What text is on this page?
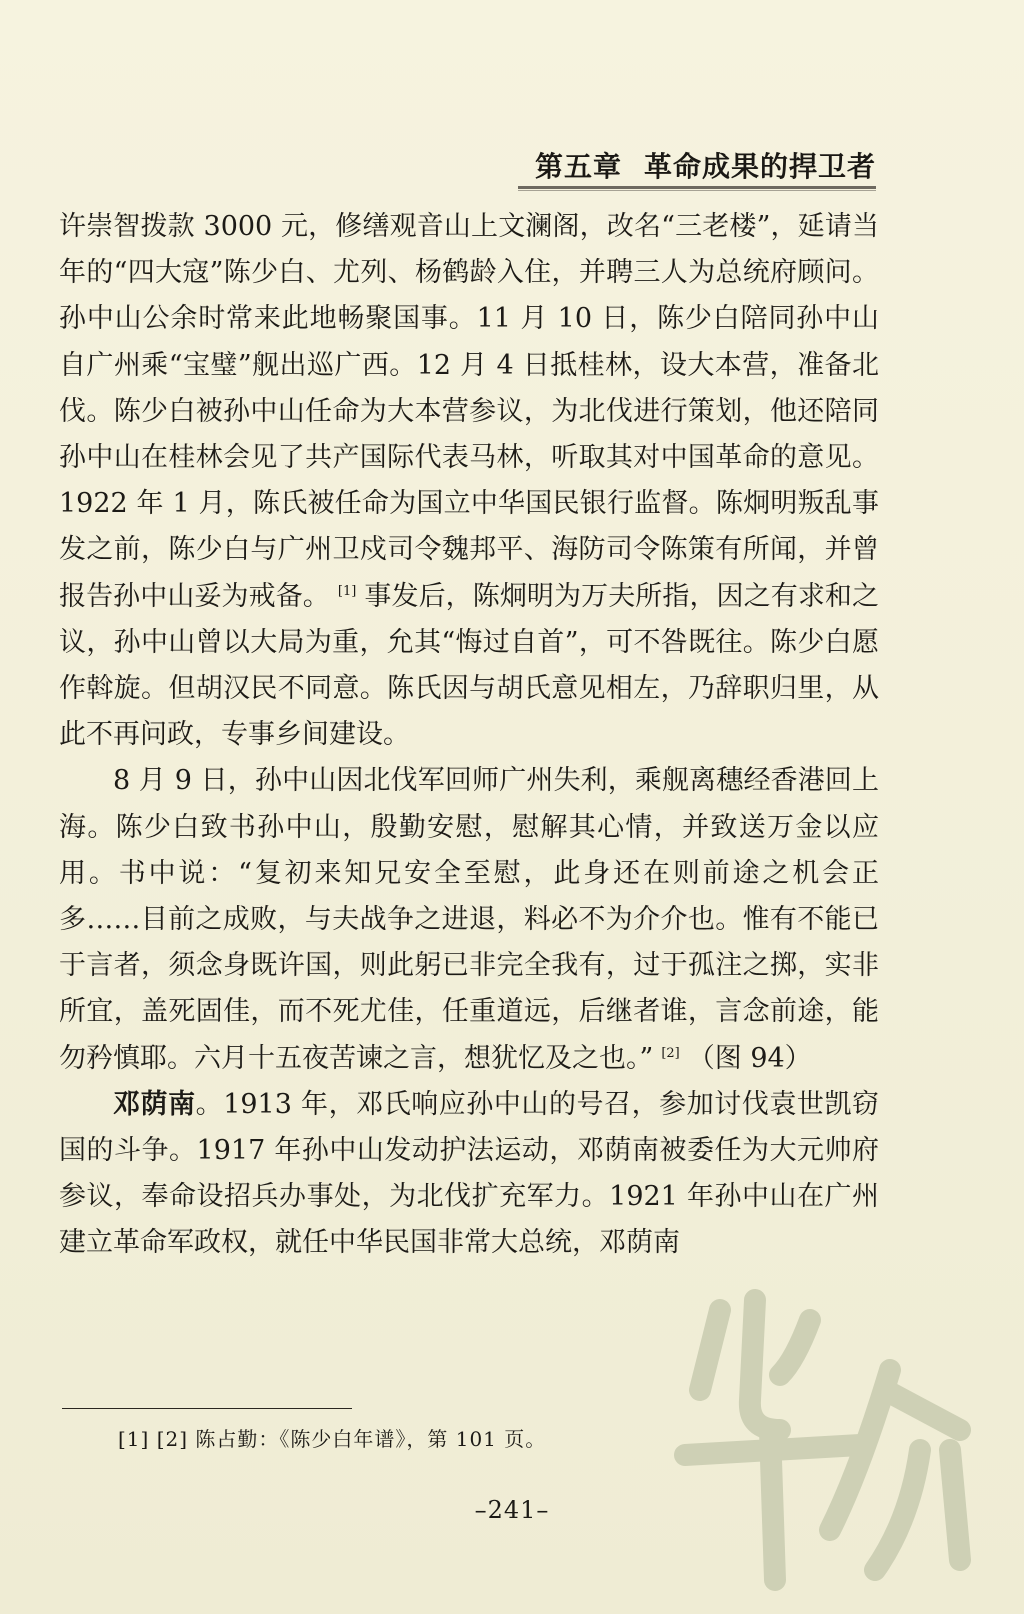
第五章 革命成果的捍卫者

许崇智拨款 3000 元，修缮观音山上文澜阁，改名“三老楼”，延请当年的“四大寇”陈少白、尤列、杨鹤龄入住，并聘三人为总统府顾问。孙中山公余时常来此地畅聚国事。11 月 10 日，陈少白陪同孙中山自广州乘“宝璧”舰出巡广西。12 月 4 日抵桂林，设大本营，准备北伐。陈少白被孙中山任命为大本营参议，为北伐进行策划，他还陪同孙中山在桂林会见了共产国际代表马林，听取其对中国革命的意见。1922 年 1 月，陈氏被任命为国立中华国民银行监督。陈炯明叛乱事发之前，陈少白与广州卫戍司令魏邦平、海防司令陈策有所闻，并曾报告孙中山妥为戒备。 [1] 事发后，陈炯明为万夫所指，因之有求和之议，孙中山曾以大局为重，允其“悔过自首”，可不咎既往。陈少白愿作斡旋。但胡汉民不同意。陈氏因与胡氏意见相左，乃辞职归里，从此不再问政，专事乡间建设。

8 月 9 日，孙中山因北伐军回师广州失利，乘舰离穗经香港回上海。陈少白致书孙中山，殷勤安慰，慰解其心情，并致送万金以应用。书中说：“复初来知兄安全至慰，此身还在则前途之机会正多……目前之成败，与夫战争之进退，料必不为介介也。惟有不能已于言者，须念身既许国，则此躬已非完全我有，过于孤注之掷，实非所宜，盖死固佳，而不死尤佳，任重道远，后继者谁，言念前途，能勿矜慎耶。六月十五夜苦谏之言，想犹忆及之也。” [2] （图 94）

邓荫南。1913 年，邓氏响应孙中山的号召，参加讨伐袁世凯窃国的斗争。1917 年孙中山发动护法运动，邓荫南被委任为大元帅府参议，奉命设招兵办事处，为北伐扩充军力。1921 年孙中山在广州建立革命军政权，就任中华民国非常大总统，邓荫南

[1] [2] 陈占勤：《陈少白年谱》，第 101 页。
–241–
